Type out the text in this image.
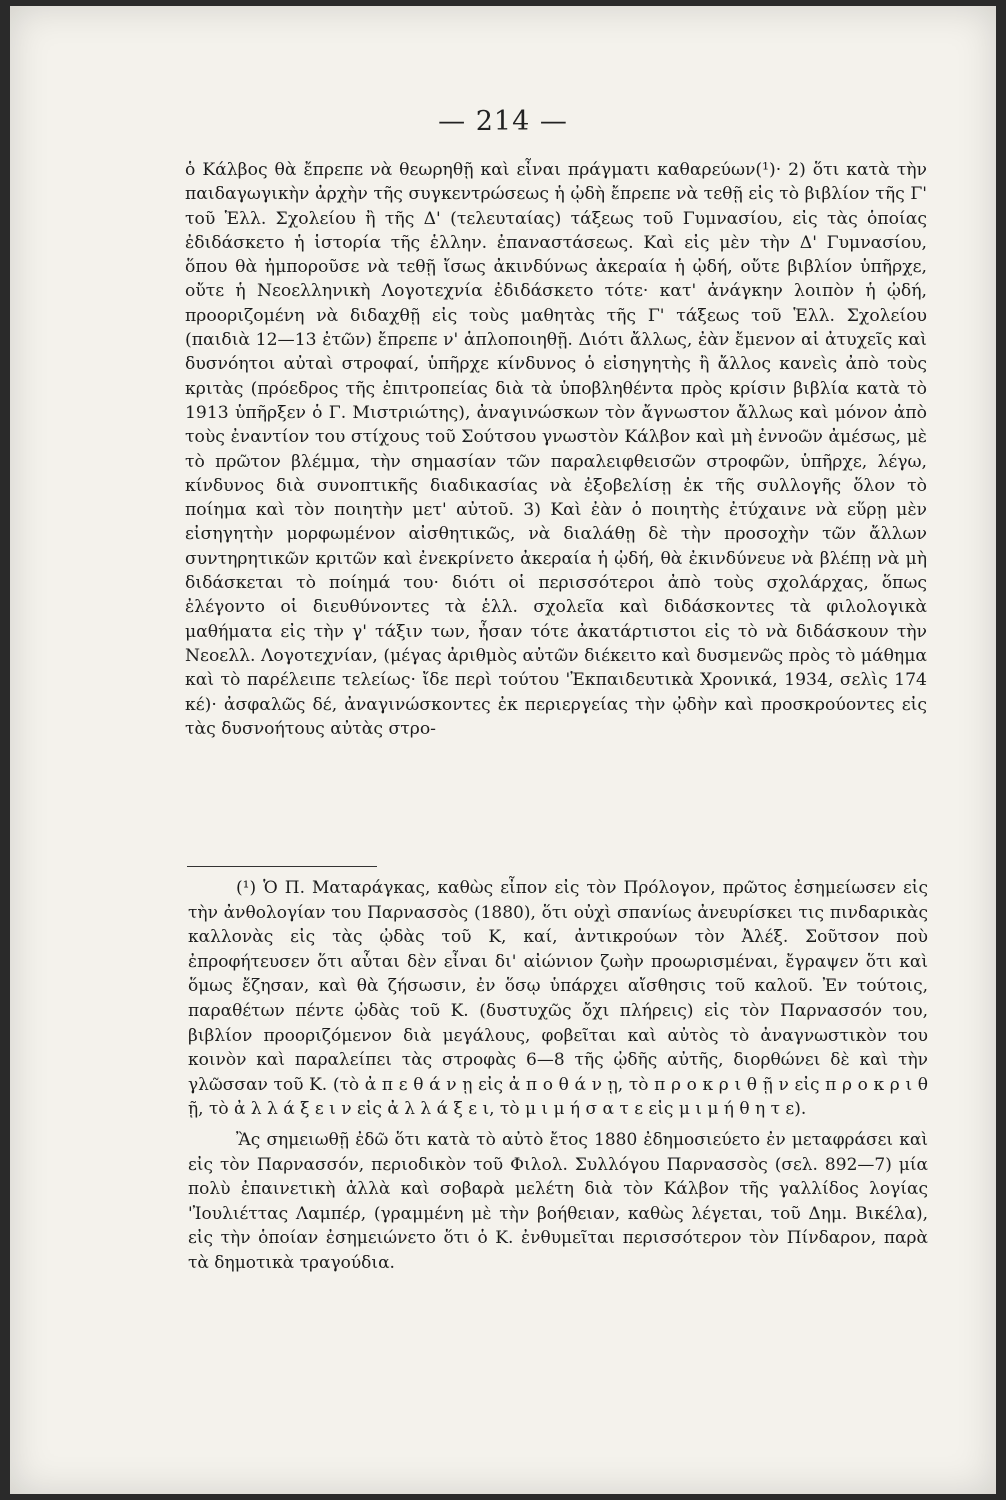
— 214 —

ὁ Κάλβος θὰ ἔπρεπε νὰ θεωρηθῇ καὶ εἶναι πράγματι καθαρεύων(¹)· 2) ὅτι κατὰ τὴν παιδαγωγικὴν ἀρχὴν τῆς συγκεντρώσεως ἡ ᾠδὴ ἔπρεπε νὰ τεθῇ εἰς τὸ βιβλίον τῆς Γ' τοῦ Ἑλλ. Σχολείου ἢ τῆς Δ' (τελευταίας) τάξεως τοῦ Γυμνασίου, εἰς τὰς ὁποίας ἐδιδάσκετο ἡ ἱστορία τῆς ἑλλην. ἐπαναστάσεως. Καὶ εἰς μὲν τὴν Δ' Γυμνασίου, ὅπου θὰ ἠμποροῦσε νὰ τεθῇ ἴσως ἀκινδύνως ἀκεραία ἡ ᾠδή, οὔτε βιβλίον ὑπῆρχε, οὔτε ἡ Νεοελληνικὴ Λογοτεχνία ἐδιδάσκετο τότε· κατ' ἀνάγκην λοιπὸν ἡ ᾠδή, προοριζομένη νὰ διδαχθῇ εἰς τοὺς μαθητὰς τῆς Γ' τάξεως τοῦ Ἑλλ. Σχολείου (παιδιὰ 12—13 ἐτῶν) ἔπρεπε ν' ἁπλοποιηθῇ. Διότι ἄλλως, ἐὰν ἔμενον αἱ ἀτυχεῖς καὶ δυσνόητοι αὐταὶ στροφαί, ὑπῆρχε κίνδυνος ὁ εἰσηγητὴς ἢ ἄλλος κανεὶς ἀπὸ τοὺς κριτὰς (πρόεδρος τῆς ἐπιτροπείας διὰ τὰ ὑποβληθέντα πρὸς κρίσιν βιβλία κατὰ τὸ 1913 ὑπῆρξεν ὁ Γ. Μιστριώτης), ἀναγινώσκων τὸν ἄγνωστον ἄλλως καὶ μόνον ἀπὸ τοὺς ἐναντίον του στίχους τοῦ Σούτσου γνωστὸν Κάλβον καὶ μὴ ἐννοῶν ἀμέσως, μὲ τὸ πρῶτον βλέμμα, τὴν σημασίαν τῶν παραλειφθεισῶν στροφῶν, ὑπῆρχε, λέγω, κίνδυνος διὰ συνοπτικῆς διαδικασίας νὰ ἐξοβελίσῃ ἐκ τῆς συλλογῆς ὅλον τὸ ποίημα καὶ τὸν ποιητὴν μετ' αὐτοῦ. 3) Καὶ ἐὰν ὁ ποιητὴς ἐτύχαινε νὰ εὕρῃ μὲν εἰσηγητὴν μορφωμένον αἰσθητικῶς, νὰ διαλάθῃ δὲ τὴν προσοχὴν τῶν ἄλλων συντηρητικῶν κριτῶν καὶ ἐνεκρίνετο ἀκεραία ἡ ᾠδή, θὰ ἐκινδύνευε νὰ βλέπῃ νὰ μὴ διδάσκεται τὸ ποίημά του· διότι οἱ περισσότεροι ἀπὸ τοὺς σχολάρχας, ὅπως ἐλέγοντο οἱ διευθύνοντες τὰ ἑλλ. σχολεῖα καὶ διδάσκοντες τὰ φιλολογικὰ μαθήματα εἰς τὴν γ' τάξιν των, ἦσαν τότε ἀκατάρτιστοι εἰς τὸ νὰ διδάσκουν τὴν Νεοελλ. Λογοτεχνίαν, (μέγας ἀριθμὸς αὐτῶν διέκειτο καὶ δυσμενῶς πρὸς τὸ μάθημα καὶ τὸ παρέλειπε τελείως· ἴδε περὶ τούτου 'Ἐκπαιδευτικὰ Χρονικά, 1934, σελὶς 174 κέ)· ἀσφαλῶς δέ, ἀναγινώσκοντες ἐκ περιεργείας τὴν ᾠδὴν καὶ προσκρούοντες εἰς τὰς δυσνοήτους αὐτὰς στρο-

(¹) Ὁ Π. Ματαράγκας, καθὼς εἶπον εἰς τὸν Πρόλογον, πρῶτος ἐσημείωσεν εἰς τὴν ἀνθολογίαν του Παρνασσὸς (1880), ὅτι οὐχὶ σπανίως ἀνευρίσκει τις πινδαρικὰς καλλονὰς εἰς τὰς ᾠδὰς τοῦ Κ, καί, ἀντικρούων τὸν Ἀλέξ. Σοῦτσον ποὺ ἐπροφήτευσεν ὅτι αὗται δὲν εἶναι δι' αἰώνιον ζωὴν προωρισμέναι, ἔγραψεν ὅτι καὶ ὅμως ἔζησαν, καὶ θὰ ζήσωσιν, ἐν ὅσῳ ὑπάρχει αἴσθησις τοῦ καλοῦ. Ἐν τούτοις, παραθέτων πέντε ᾠδὰς τοῦ Κ. (δυστυχῶς ὄχι πλήρεις) εἰς τὸν Παρνασσόν του, βιβλίον προοριζόμενον διὰ μεγάλους, φοβεῖται καὶ αὐτὸς τὸ ἀναγνωστικὸν του κοινὸν καὶ παραλείπει τὰς στροφὰς 6—8 τῆς ᾠδῆς αὐτῆς, διορθώνει δὲ καὶ τὴν γλῶσσαν τοῦ Κ. (τὸ ἀ π ε θ ά ν ῃ εἰς ἀ π ο θ ά ν ῃ, τὸ π ρ ο κ ρ ι θ ῇ ν εἰς π ρ ο κ ρ ι θ ῇ, τὸ ἀ λ λ ά ξ ε ι ν εἰς ἀ λ λ ά ξ ε ι, τὸ μ ι μ ή σ α τ ε εἰς μ ι μ ή θ η τ ε).

Ἂς σημειωθῇ ἐδῶ ὅτι κατὰ τὸ αὐτὸ ἔτος 1880 ἐδημοσιεύετο ἐν μεταφράσει καὶ εἰς τὸν Παρνασσόν, περιοδικὸν τοῦ Φιλολ. Συλλόγου Παρνασσὸς (σελ. 892—7) μία πολὺ ἐπαινετικὴ ἀλλὰ καὶ σοβαρὰ μελέτη διὰ τὸν Κάλβον τῆς γαλλίδος λογίας 'Ἰουλιέττας Λαμπέρ, (γραμμένη μὲ τὴν βοήθειαν, καθὼς λέγεται, τοῦ Δημ. Βικέλα), εἰς τὴν ὁποίαν ἐσημειώνετο ὅτι ὁ Κ. ἐνθυμεῖται περισσότερον τὸν Πίνδαρον, παρὰ τὰ δημοτικὰ τραγούδια.
